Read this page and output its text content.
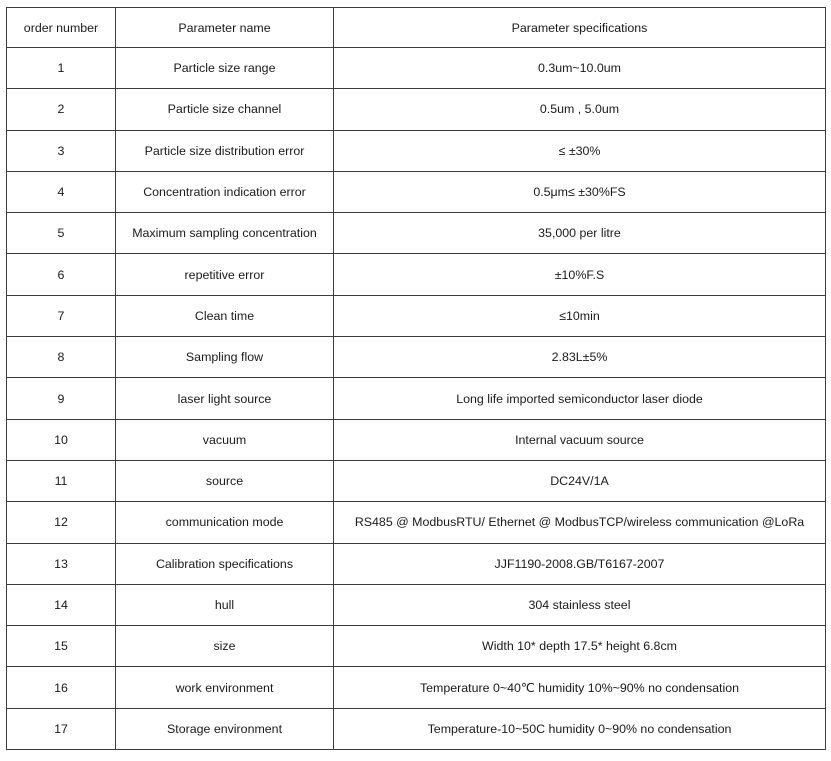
order number	Parameter name	Parameter specifications
1	Particle size range	0.3um~10.0um
2	Particle size channel	0.5um , 5.0um
3	Particle size distribution error	≤ ±30%
4	Concentration indication error	0.5μm≤ ±30%FS
5	Maximum sampling concentration	35,000 per litre
6	repetitive error	±10%F.S
7	Clean time	≤10min
8	Sampling flow	2.83L±5%
9	laser light source	Long life imported semiconductor laser diode
10	vacuum	Internal vacuum source
11	source	DC24V/1A
12	communication mode	RS485 @ ModbusRTU/ Ethernet @ ModbusTCP/wireless communication @LoRa
13	Calibration specifications	JJF1190-2008.GB/T6167-2007
14	hull	304 stainless steel
15	size	Width 10* depth 17.5* height 6.8cm
16	work environment	Temperature 0~40℃ humidity 10%~90% no condensation
17	Storage environment	Temperature-10~50C humidity 0~90% no condensation
